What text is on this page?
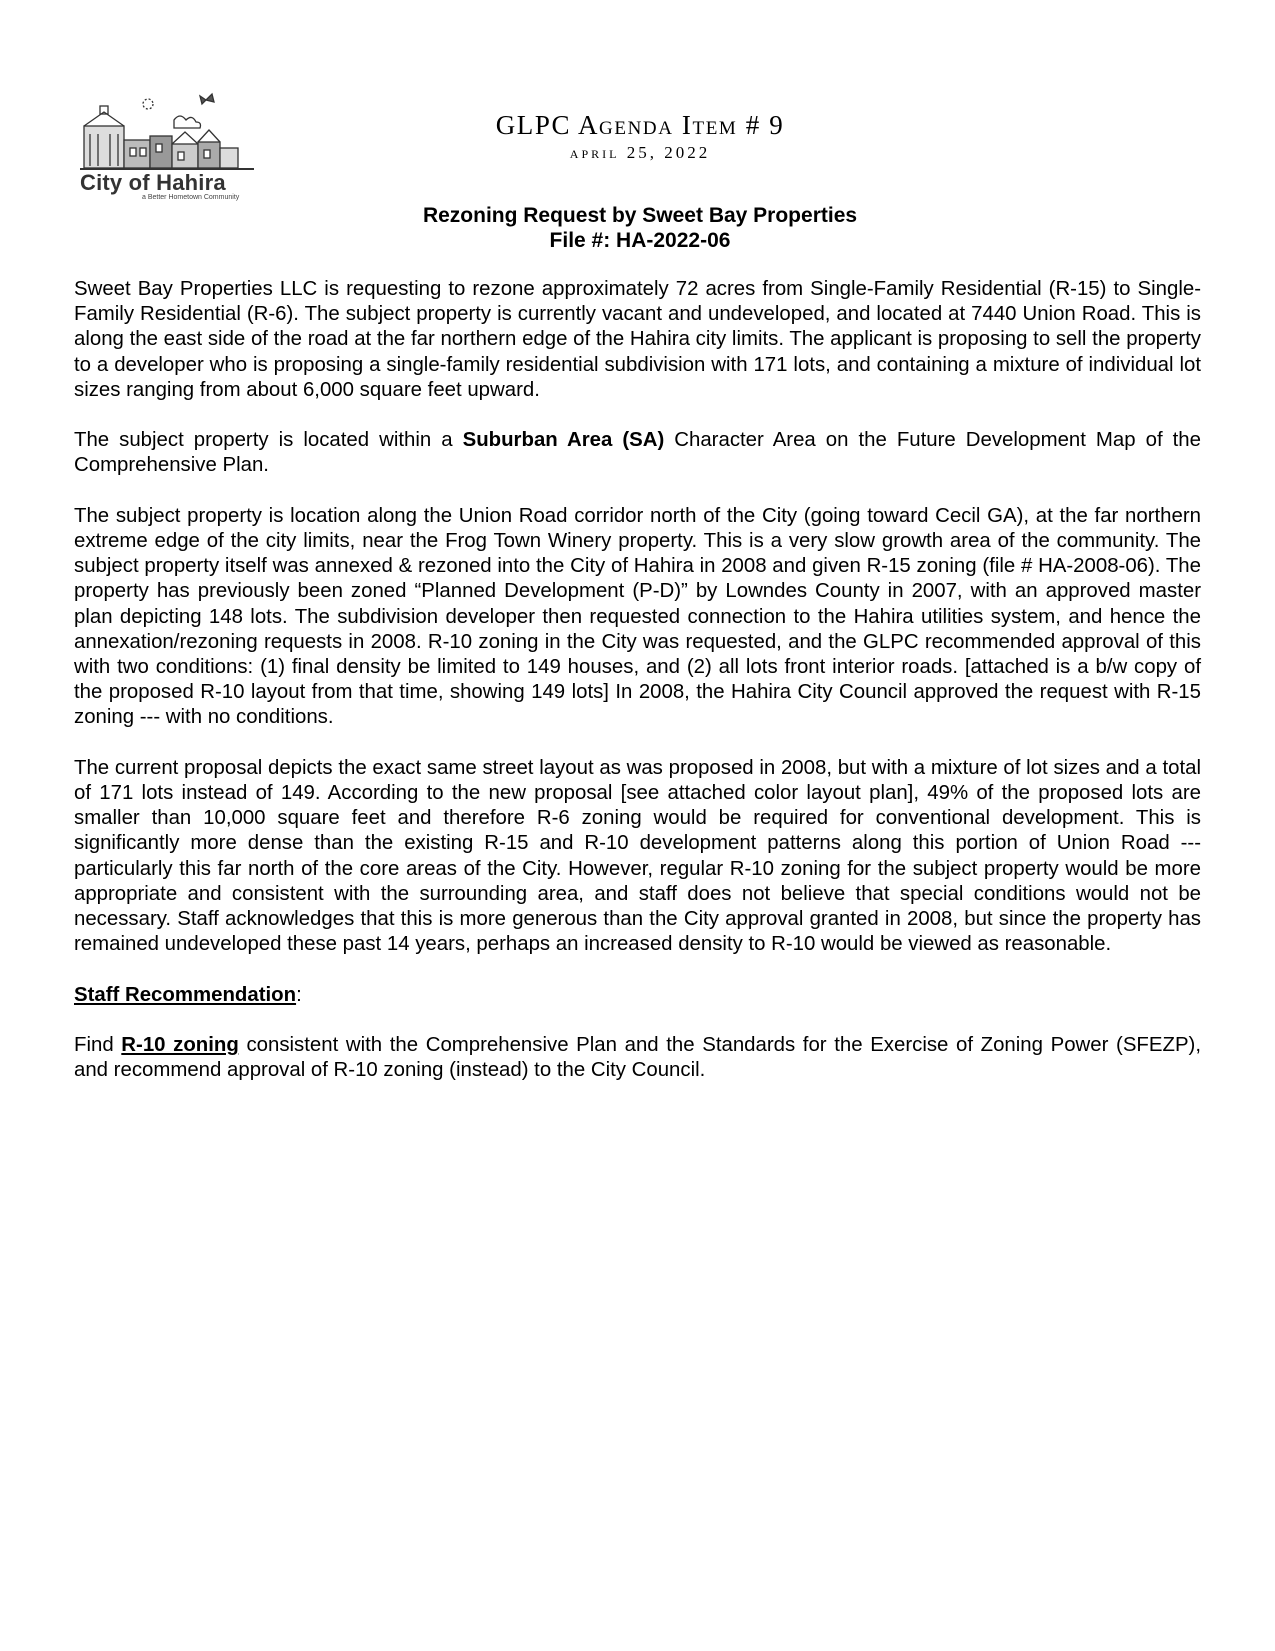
City of Hahira
a Better Hometown Community
GLPC Agenda Item # 9
april 25, 2022
Rezoning Request by Sweet Bay Properties
File #: HA-2022-06

Sweet Bay Properties LLC is requesting to rezone approximately 72 acres from Single-Family Residential (R-15) to Single-Family Residential (R-6). The subject property is currently vacant and undeveloped, and located at 7440 Union Road. This is along the east side of the road at the far northern edge of the Hahira city limits. The applicant is proposing to sell the property to a developer who is proposing a single-family residential subdivision with 171 lots, and containing a mixture of individual lot sizes ranging from about 6,000 square feet upward.

The subject property is located within a Suburban Area (SA) Character Area on the Future Development Map of the Comprehensive Plan.

The subject property is location along the Union Road corridor north of the City (going toward Cecil GA), at the far northern extreme edge of the city limits, near the Frog Town Winery property. This is a very slow growth area of the community. The subject property itself was annexed & rezoned into the City of Hahira in 2008 and given R-15 zoning (file # HA-2008-06). The property has previously been zoned “Planned Development (P-D)” by Lowndes County in 2007, with an approved master plan depicting 148 lots. The subdivision developer then requested connection to the Hahira utilities system, and hence the annexation/rezoning requests in 2008. R-10 zoning in the City was requested, and the GLPC recommended approval of this with two conditions: (1) final density be limited to 149 houses, and (2) all lots front interior roads. [attached is a b/w copy of the proposed R-10 layout from that time, showing 149 lots] In 2008, the Hahira City Council approved the request with R-15 zoning --- with no conditions.

The current proposal depicts the exact same street layout as was proposed in 2008, but with a mixture of lot sizes and a total of 171 lots instead of 149. According to the new proposal [see attached color layout plan], 49% of the proposed lots are smaller than 10,000 square feet and therefore R-6 zoning would be required for conventional development. This is significantly more dense than the existing R-15 and R-10 development patterns along this portion of Union Road --- particularly this far north of the core areas of the City. However, regular R-10 zoning for the subject property would be more appropriate and consistent with the surrounding area, and staff does not believe that special conditions would not be necessary. Staff acknowledges that this is more generous than the City approval granted in 2008, but since the property has remained undeveloped these past 14 years, perhaps an increased density to R-10 would be viewed as reasonable.

Staff Recommendation:

Find R-10 zoning consistent with the Comprehensive Plan and the Standards for the Exercise of Zoning Power (SFEZP), and recommend approval of R-10 zoning (instead) to the City Council.
